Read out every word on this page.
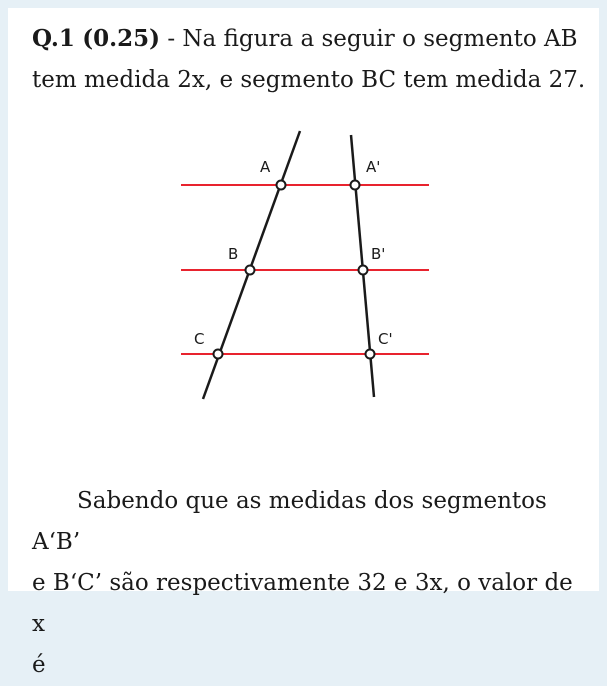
Q.1 (0.25) - Na figura a seguir o segmento AB
tem medida 2x, e segmento BC tem medida 27.

A
B
C
A'
B'
C'

Sabendo que as medidas dos segmentos A‘B’
e B‘C’ são respectivamente 32 e 3x, o valor de x
é
